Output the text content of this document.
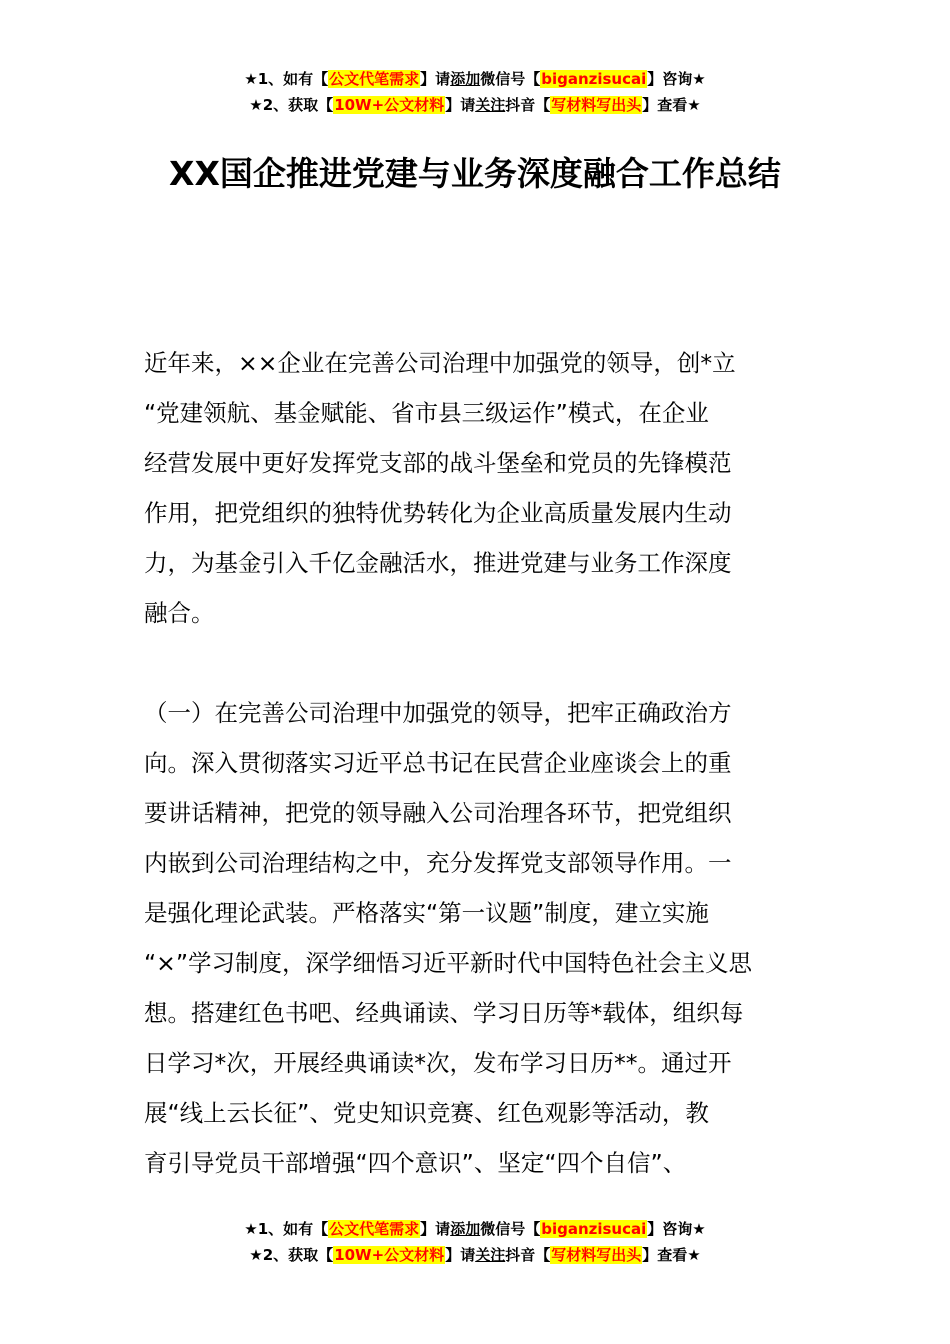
★1、如有【公文代笔需求】请添加微信号【biganzisucai】咨询★
★2、获取【10W+公文材料】请关注抖音【写材料写出头】查看★
XX国企推进党建与业务深度融合工作总结
近年来，××企业在完善公司治理中加强党的领导，创*立
“党建领航、基金赋能、省市县三级运作”模式，在企业
经营发展中更好发挥党支部的战斗堡垒和党员的先锋模范
作用，把党组织的独特优势转化为企业高质量发展内生动
力，为基金引入千亿金融活水，推进党建与业务工作深度
融合。
（一）在完善公司治理中加强党的领导，把牢正确政治方
向。深入贯彻落实习近平总书记在民营企业座谈会上的重
要讲话精神，把党的领导融入公司治理各环节，把党组织
内嵌到公司治理结构之中，充分发挥党支部领导作用。一
是强化理论武装。严格落实“第一议题”制度，建立实施
“×”学习制度，深学细悟习近平新时代中国特色社会主义思
想。搭建红色书吧、经典诵读、学习日历等*载体，组织每
日学习*次，开展经典诵读*次，发布学习日历**。通过开
展“线上云长征”、党史知识竞赛、红色观影等活动，教
育引导党员干部增强“四个意识”、坚定“四个自信”、
★1、如有【公文代笔需求】请添加微信号【biganzisucai】咨询★
★2、获取【10W+公文材料】请关注抖音【写材料写出头】查看★
